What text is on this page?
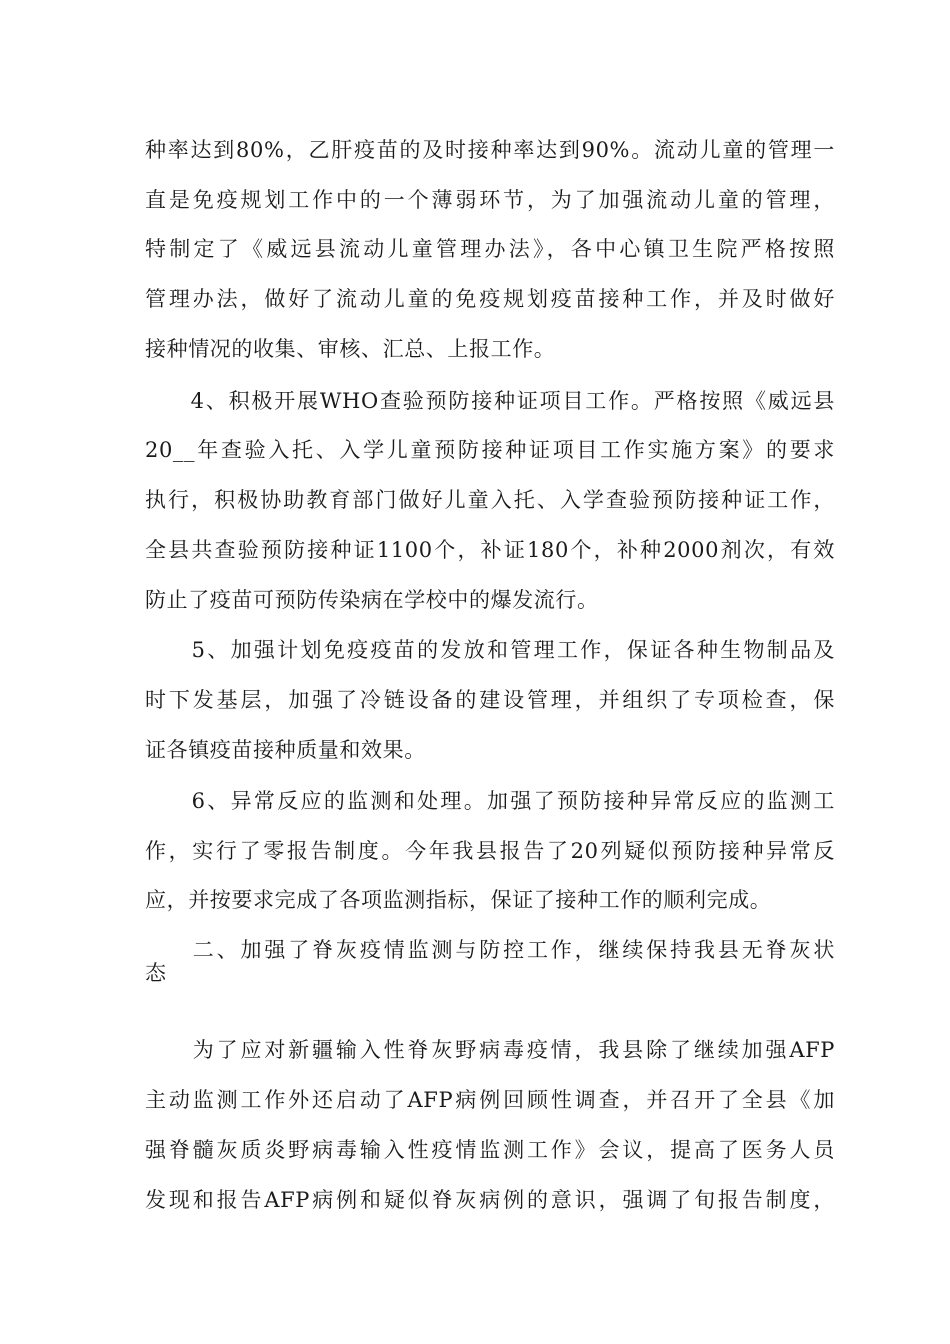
种率达到80%，乙肝疫苗的及时接种率达到90%。流动儿童的管理一
直是免疫规划工作中的一个薄弱环节，为了加强流动儿童的管理，
特制定了《威远县流动儿童管理办法》，各中心镇卫生院严格按照
管理办法，做好了流动儿童的免疫规划疫苗接种工作，并及时做好
接种情况的收集、审核、汇总、上报工作。
　　4、积极开展WHO查验预防接种证项目工作。严格按照《威远县
20__年查验入托、入学儿童预防接种证项目工作实施方案》的要求
执行，积极协助教育部门做好儿童入托、入学查验预防接种证工作，
全县共查验预防接种证1100个，补证180个，补种2000剂次，有效
防止了疫苗可预防传染病在学校中的爆发流行。
　　5、加强计划免疫疫苗的发放和管理工作，保证各种生物制品及
时下发基层，加强了冷链设备的建设管理，并组织了专项检查，保
证各镇疫苗接种质量和效果。
　　6、异常反应的监测和处理。加强了预防接种异常反应的监测工
作，实行了零报告制度。今年我县报告了20列疑似预防接种异常反
应，并按要求完成了各项监测指标，保证了接种工作的顺利完成。
　　二、加强了脊灰疫情监测与防控工作，继续保持我县无脊灰状
态
　　为了应对新疆输入性脊灰野病毒疫情，我县除了继续加强AFP
主动监测工作外还启动了AFP病例回顾性调查，并召开了全县《加
强脊髓灰质炎野病毒输入性疫情监测工作》会议，提高了医务人员
发现和报告AFP病例和疑似脊灰病例的意识，强调了旬报告制度，
